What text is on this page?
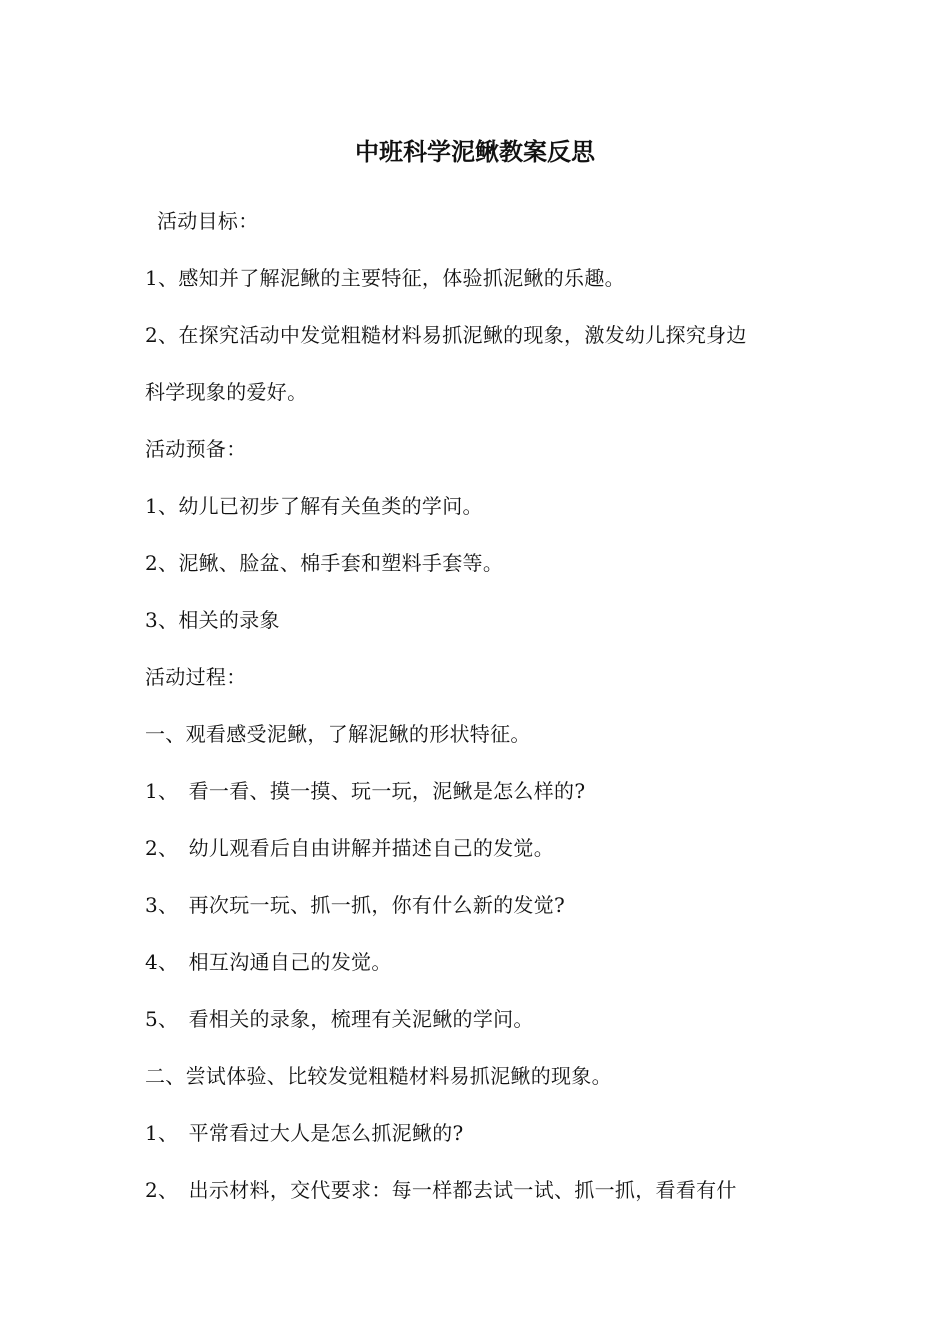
中班科学泥鳅教案反思
活动目标：
1、感知并了解泥鳅的主要特征，体验抓泥鳅的乐趣。
2、在探究活动中发觉粗糙材料易抓泥鳅的现象，激发幼儿探究身边
科学现象的爱好。
活动预备：
1、幼儿已初步了解有关鱼类的学问。
2、泥鳅、脸盆、棉手套和塑料手套等。
3、相关的录象
活动过程：
一、观看感受泥鳅，了解泥鳅的形状特征。
1、　看一看、摸一摸、玩一玩，泥鳅是怎么样的?
2、　幼儿观看后自由讲解并描述自己的发觉。
3、　再次玩一玩、抓一抓，你有什么新的发觉?
4、　相互沟通自己的发觉。
5、　看相关的录象，梳理有关泥鳅的学问。
二、尝试体验、比较发觉粗糙材料易抓泥鳅的现象。
1、　平常看过大人是怎么抓泥鳅的?
2、　出示材料，交代要求：每一样都去试一试、抓一抓，看看有什
